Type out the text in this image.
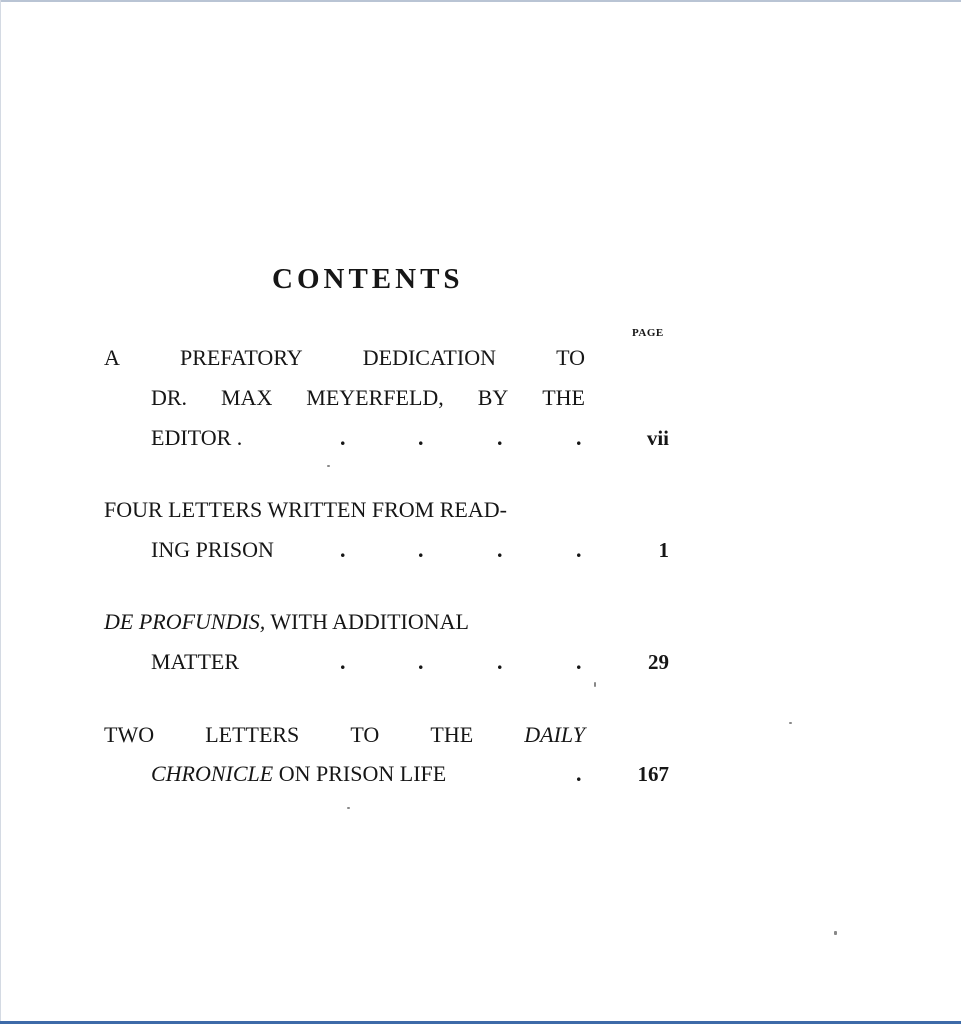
CONTENTS
PAGE
A	PREFATORY	DEDICATION	TO
DR. MAX MEYERFELD, BY THE
EDITOR .	.	.	.	.	vii
FOUR LETTERS WRITTEN FROM READ-
ING PRISON	.	.	.	.	1
DE PROFUNDIS, WITH ADDITIONAL
MATTER	.	.	.	.	29
TWO LETTERS TO THE DAILY
CHRONICLE ON PRISON LIFE	.	167
